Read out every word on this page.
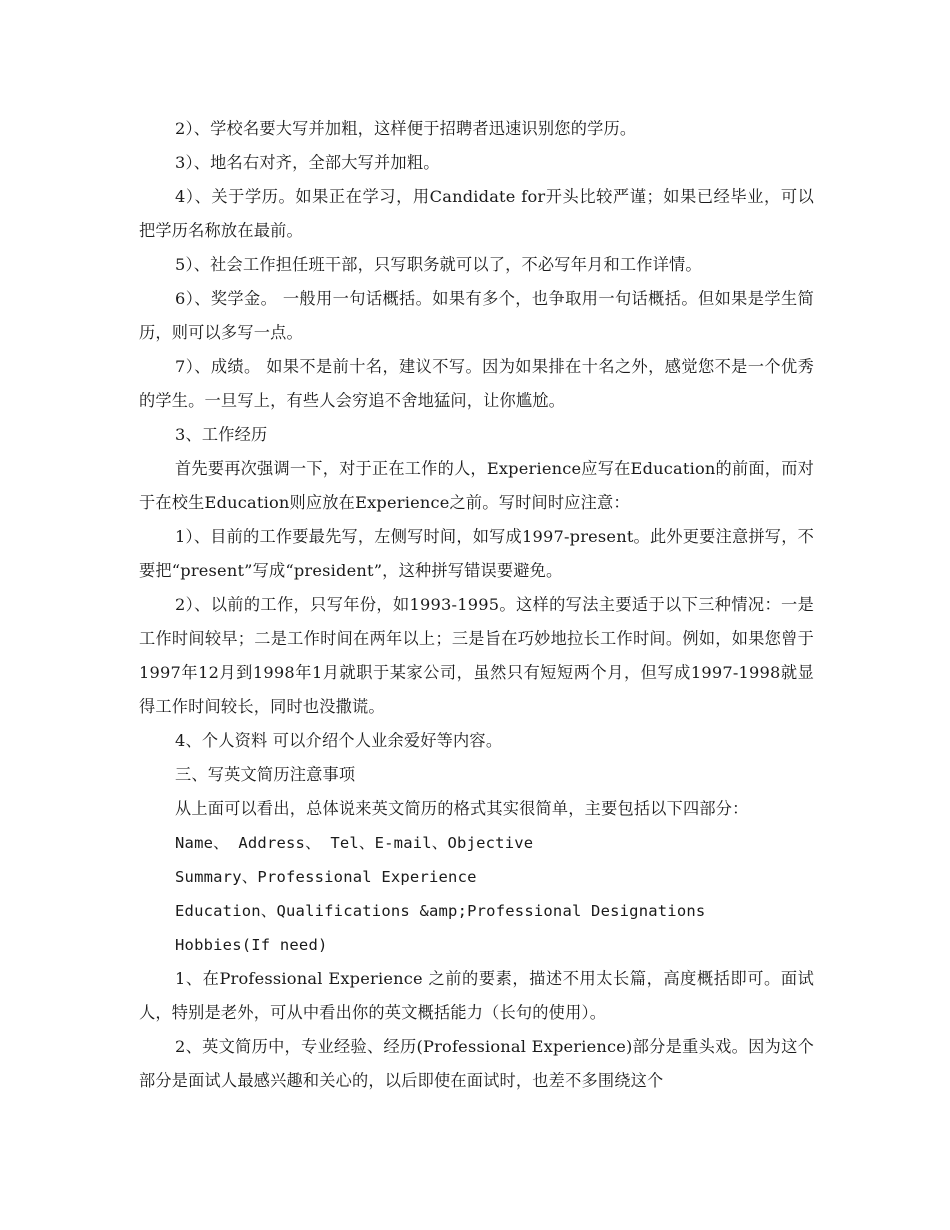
2）、学校名要大写并加粗，这样便于招聘者迅速识别您的学历。

3）、地名右对齐，全部大写并加粗。

4）、关于学历。如果正在学习，用Candidate for开头比较严谨；如果已经毕业，可以把学历名称放在最前。

5）、社会工作担任班干部，只写职务就可以了，不必写年月和工作详情。

6）、奖学金。 一般用一句话概括。如果有多个，也争取用一句话概括。但如果是学生简历，则可以多写一点。

7）、成绩。 如果不是前十名，建议不写。因为如果排在十名之外，感觉您不是一个优秀的学生。一旦写上，有些人会穷追不舍地猛问，让你尴尬。

3、工作经历

首先要再次强调一下，对于正在工作的人，Experience应写在Education的前面，而对于在校生Education则应放在Experience之前。写时间时应注意：

1）、目前的工作要最先写，左侧写时间，如写成1997-present。此外更要注意拼写，不要把“present”写成“president”，这种拼写错误要避免。

2）、以前的工作，只写年份，如1993-1995。这样的写法主要适于以下三种情况：一是工作时间较早；二是工作时间在两年以上；三是旨在巧妙地拉长工作时间。例如，如果您曾于1997年12月到1998年1月就职于某家公司，虽然只有短短两个月，但写成1997-1998就显得工作时间较长，同时也没撒谎。

4、个人资料 可以介绍个人业余爱好等内容。

三、写英文简历注意事项

从上面可以看出，总体说来英文简历的格式其实很简单，主要包括以下四部分：

Name、 Address、 Tel、E-mail、Objective

Summary、Professional Experience

Education、Qualifications &amp;Professional Designations

Hobbies(If need)

1、在Professional Experience 之前的要素，描述不用太长篇，高度概括即可。面试人，特别是老外，可从中看出你的英文概括能力（长句的使用）。

2、英文简历中，专业经验、经历(Professional Experience)部分是重头戏。因为这个部分是面试人最感兴趣和关心的，以后即使在面试时，也差不多围绕这个
